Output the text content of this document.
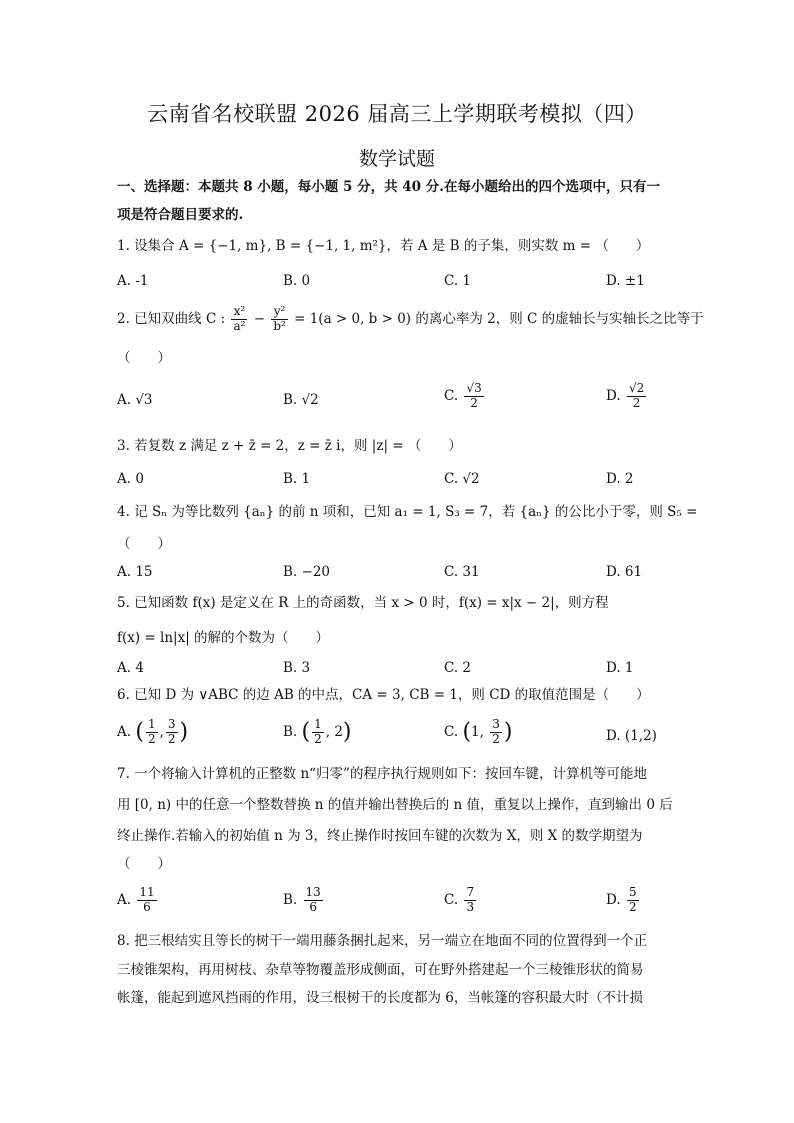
云南省名校联盟 2026 届高三上学期联考模拟（四）
数学试题
一、选择题：本题共 8 小题，每小题 5 分，共 40 分.在每小题给出的四个选项中，只有一
项是符合题目要求的.
1. 设集合 A = {−1, m}, B = {−1, 1, m²}，若 A 是 B 的子集，则实数 m = （　　）
A. -1	B. 0	C. 1	D. ±1
2. 已知双曲线 C : $\frac{\text{x²}}{\text{a²}} - \frac{\text{y²}}{\text{b²}} = 1(a > 0$, b > 0) 的离心率为 2，则 C 的虚轴长与实轴长之比等于
（　　）
A. √3	B. √2	C. $\frac{√3}{2}$	D. $\frac{√2}{2}$
3. 若复数 z 满足 z + z̄ = 2，z = z̄ i，则 |z| = （　　）
A. 0	B. 1	C. √2	D. 2
4. 记 Sₙ 为等比数列 {aₙ} 的前 n 项和，已知 a₁ = 1, S₃ = 7，若 {aₙ} 的公比小于零，则 S₅ =
（　　）
A. 15	B. −20	C. 31	D. 61
5. 已知函数 f(x) 是定义在 R 上的奇函数，当 x > 0 时，f(x) = x|x − 2|，则方程
f(x) = ln|x| 的解的个数为（　　）
A. 4	B. 3	C. 2	D. 1
6. 已知 D 为 ∨ABC 的边 AB 的中点，CA = 3, CB = 1，则 CD 的取值范围是（　　）
A. ( $\frac{1}{2}$ , $\frac{3}{2}$ )	B. ( $\frac{1}{2}$ , 2)	C. (1, $\frac{3}{2}$ )	D. (1,2)
7. 一个将输入计算机的正整数 n“归零”的程序执行规则如下：按回车键，计算机等可能地
用 [0, n) 中的任意一个整数替换 n 的值并输出替换后的 n 值，重复以上操作，直到输出 0 后
终止操作.若输入的初始值 n 为 3，终止操作时按回车键的次数为 X，则 X 的数学期望为
（　　）
A. $\frac{11}{6}$	B. $\frac{13}{6}$	C. $\frac{7}{3}$	D. $\frac{5}{2}$
8. 把三根结实且等长的树干一端用藤条捆扎起来，另一端立在地面不同的位置得到一个正
三棱锥架构，再用树枝、杂草等物覆盖形成侧面，可在野外搭建起一个三棱锥形状的简易
帐篷，能起到遮风挡雨的作用，设三根树干的长度都为 6，当帐篷的容积最大时（不计损
